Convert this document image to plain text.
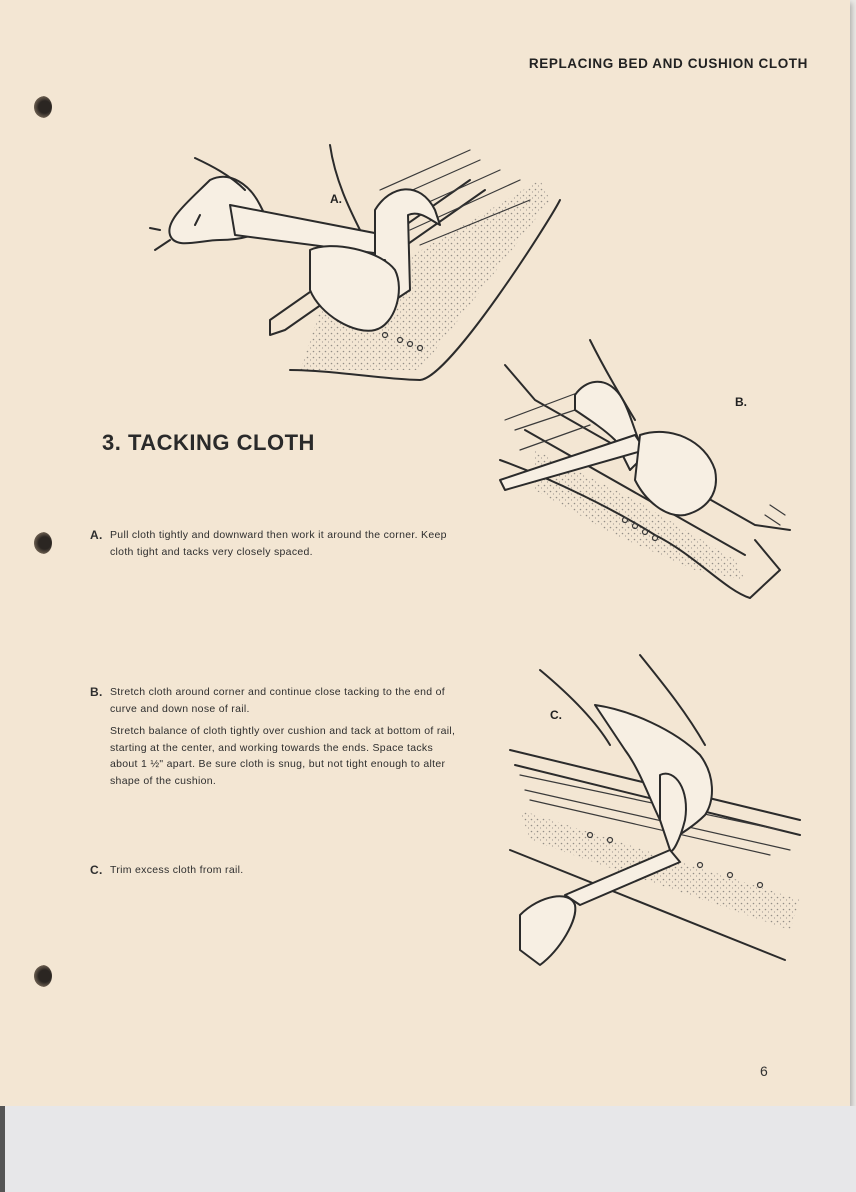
REPLACING BED AND CUSHION CLOTH
A.
B.
3. TACKING CLOTH
A. Pull cloth tightly and downward then work it around the corner. Keep cloth tight and tacks very closely spaced.

B. Stretch cloth around corner and continue close tacking to the end of curve and down nose of rail.

Stretch balance of cloth tightly over cushion and tack at bottom of rail, starting at the center, and working towards the ends. Space tacks about 1 ½" apart. Be sure cloth is snug, but not tight enough to alter shape of the cushion.

C. Trim excess cloth from rail.

C.
6
